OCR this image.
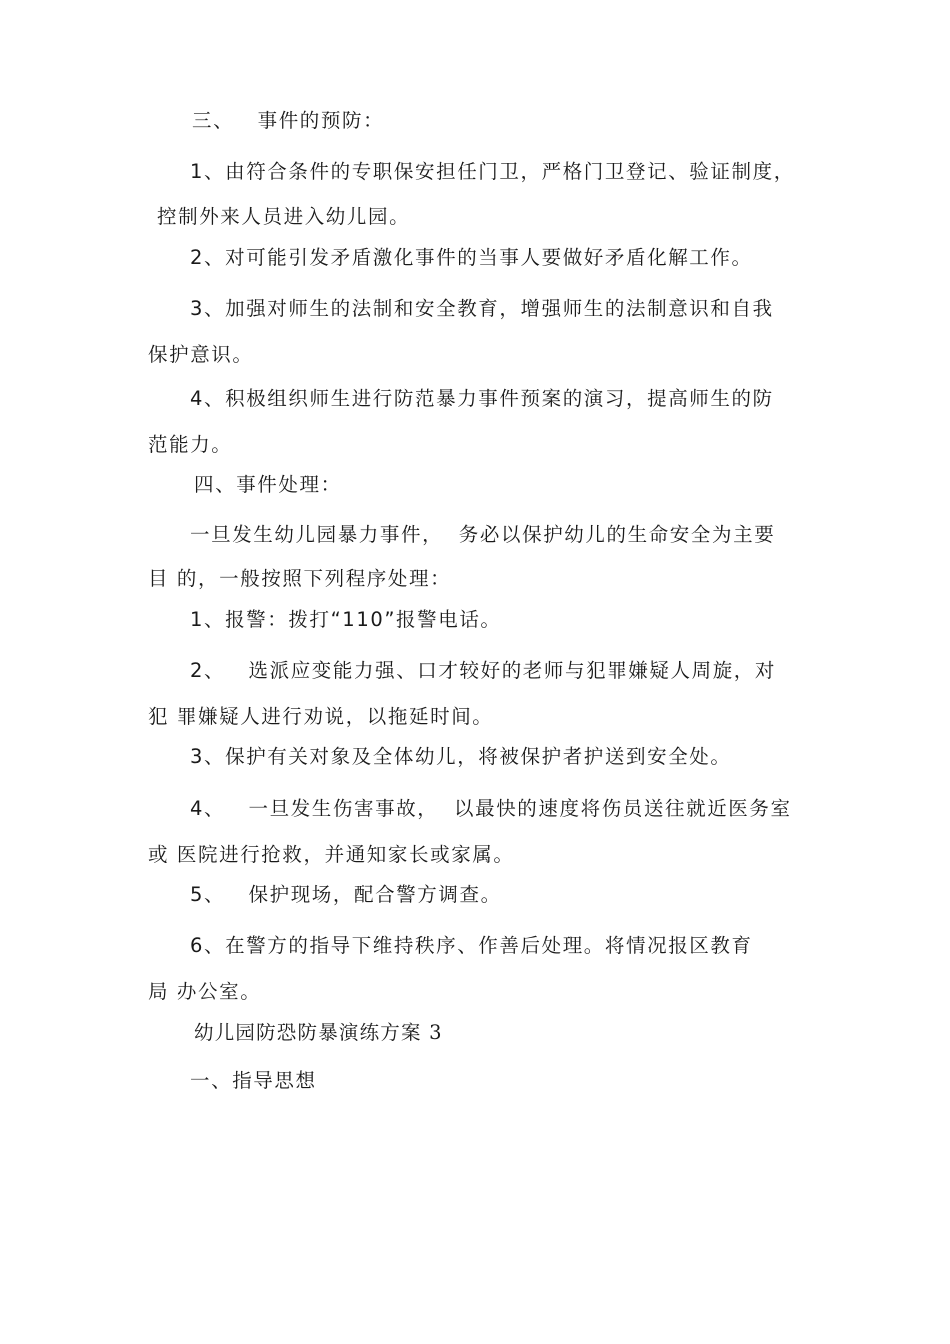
三、   事件的预防：
1、由符合条件的专职保安担任门卫，严格门卫登记、验证制度，
控制外来人员进入幼儿园。
2、对可能引发矛盾激化事件的当事人要做好矛盾化解工作。
3、加强对师生的法制和安全教育，增强师生的法制意识和自我
保护意识。
4、积极组织师生进行防范暴力事件预案的演习，提高师生的防
范能力。
四、事件处理：
一旦发生幼儿园暴力事件，  务必以保护幼儿的生命安全为主要
目 的，一般按照下列程序处理：
1、报警：拨打“110”报警电话。
2、   选派应变能力强、口才较好的老师与犯罪嫌疑人周旋，对
犯 罪嫌疑人进行劝说，以拖延时间。
3、保护有关对象及全体幼儿，将被保护者护送到安全处。
4、   一旦发生伤害事故，  以最快的速度将伤员送往就近医务室
或 医院进行抢救，并通知家长或家属。
5、   保护现场，配合警方调查。
6、在警方的指导下维持秩序、作善后处理。将情况报区教育
局 办公室。
幼儿园防恐防暴演练方案 3
一、指导思想
